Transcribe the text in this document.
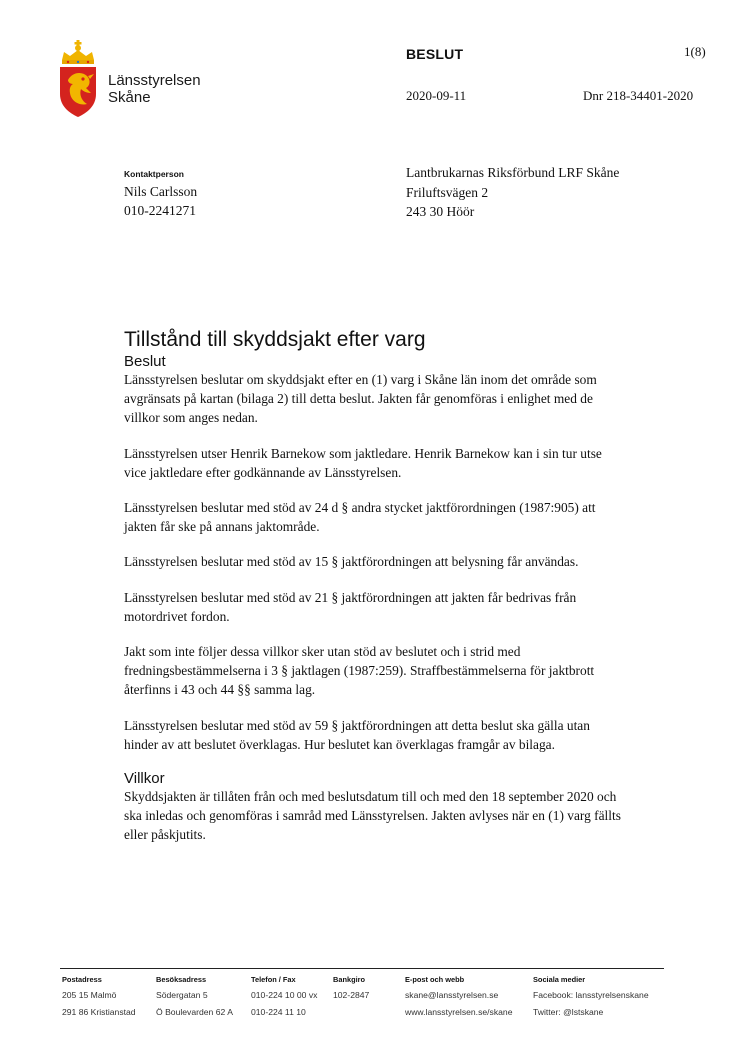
Länsstyrelsen
Skåne
BESLUT	1(8)
2020-09-11	Dnr 218-34401-2020
Kontaktperson
Nils Carlsson
010-2241271
Lantbrukarnas Riksförbund LRF Skåne
Friluftsvägen 2
243 30 Höör
Tillstånd till skyddsjakt efter varg
Beslut

Länsstyrelsen beslutar om skyddsjakt efter en (1) varg i Skåne län inom det område som avgränsats på kartan (bilaga 2) till detta beslut. Jakten får genomföras i enlighet med de villkor som anges nedan.

Länsstyrelsen utser Henrik Barnekow som jaktledare. Henrik Barnekow kan i sin tur utse vice jaktledare efter godkännande av Länsstyrelsen.

Länsstyrelsen beslutar med stöd av 24 d § andra stycket jaktförordningen (1987:905) att jakten får ske på annans jaktområde.

Länsstyrelsen beslutar med stöd av 15 § jaktförordningen att belysning får användas.

Länsstyrelsen beslutar med stöd av 21 § jaktförordningen att jakten får bedrivas från motordrivet fordon.

Jakt som inte följer dessa villkor sker utan stöd av beslutet och i strid med fredningsbestämmelserna i 3 § jaktlagen (1987:259). Straffbestämmelserna för jaktbrott återfinns i 43 och 44 §§ samma lag.

Länsstyrelsen beslutar med stöd av 59 § jaktförordningen att detta beslut ska gälla utan hinder av att beslutet överklagas. Hur beslutet kan överklagas framgår av bilaga.

Villkor

Skyddsjakten är tillåten från och med beslutsdatum till och med den 18 september 2020 och ska inledas och genomföras i samråd med Länsstyrelsen. Jakten avlyses när en (1) varg fällts eller påskjutits.

Postadress
205 15 Malmö
291 86 Kristianstad
Besöksadress
Södergatan 5
Ö Boulevarden 62 A
Telefon / Fax
010-224 10 00 vx
010-224 11 10
Bankgiro
102-2847
E-post och webb
skane@lansstyrelsen.se
www.lansstyrelsen.se/skane
Sociala medier
Facebook: lansstyrelsenskane
Twitter: @lstskane
